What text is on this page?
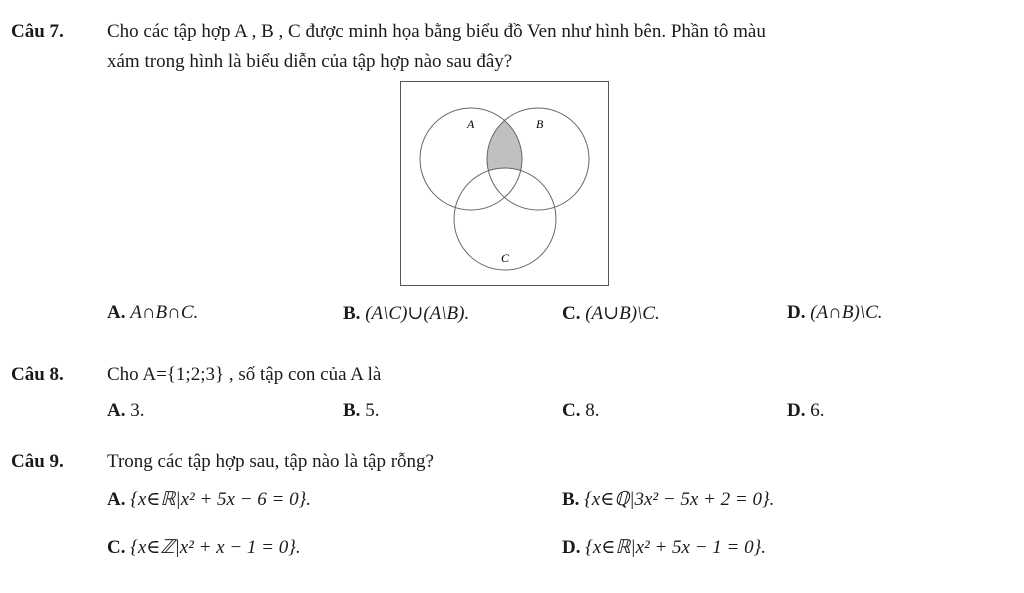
Câu 7. Cho các tập hợp A , B , C được minh họa bằng biểu đồ Ven như hình bên. Phần tô màu
xám trong hình là biểu diễn của tập hợp nào sau đây?
A	B
C
A. A∩B∩C.	B. (A\C)∪(A\B).	C. (A∪B)\C.	D. (A∩B)\C.
Câu 8. Cho A={1;2;3} , số tập con của A là
A. 3.	B. 5.	C. 8.	D. 6.
Câu 9. Trong các tập hợp sau, tập nào là tập rỗng?
A. {x∈ℝ|x² + 5x − 6 = 0}.	B. {x∈ℚ|3x² − 5x + 2 = 0}.
C. {x∈ℤ|x² + x − 1 = 0}.	D. {x∈ℝ|x² + 5x − 1 = 0}.
